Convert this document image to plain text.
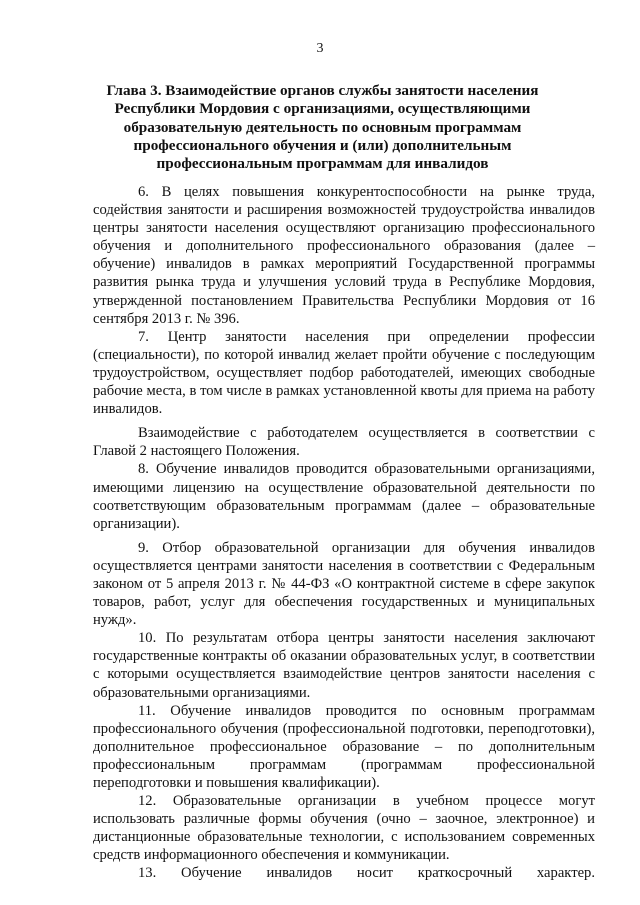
3
Глава 3. Взаимодействие органов службы занятости населения Республики Мордовия с организациями, осуществляющими образовательную деятельность по основным программам профессионального обучения и (или) дополнительным профессиональным программам для инвалидов

6. В целях повышения конкурентоспособности на рынке труда, содействия занятости и расширения возможностей трудоустройства инвалидов центры занятости населения осуществляют организацию профессионального обучения и дополнительного профессионального образования (далее – обучение) инвалидов в рамках мероприятий Государственной программы развития рынка труда и улучшения условий труда в Республике Мордовия, утвержденной постановлением Правительства Республики Мордовия от 16 сентября 2013 г. № 396.

7. Центр занятости населения при определении профессии (специальности), по которой инвалид желает пройти обучение с последующим трудоустройством, осуществляет подбор работодателей, имеющих свободные рабочие места, в том числе в рамках установленной квоты для приема на работу инвалидов.

Взаимодействие с работодателем осуществляется в соответствии с Главой 2 настоящего Положения.

8. Обучение инвалидов проводится образовательными организациями, имеющими лицензию на осуществление образовательной деятельности по соответствующим образовательным программам (далее – образовательные организации).

9. Отбор образовательной организации для обучения инвалидов осуществляется центрами занятости населения в соответствии с Федеральным законом от 5 апреля 2013 г. № 44-ФЗ «О контрактной системе в сфере закупок товаров, работ, услуг для обеспечения государственных и муниципальных нужд».

10. По результатам отбора центры занятости населения заключают государственные контракты об оказании образовательных услуг, в соответствии с которыми осуществляется взаимодействие центров занятости населения с образовательными организациями.

11. Обучение инвалидов проводится по основным программам профессионального обучения (профессиональной подготовки, переподготовки), дополнительное профессиональное образование – по дополнительным профессиональным программам (программам профессиональной переподготовки и повышения квалификации).

12. Образовательные организации в учебном процессе могут использовать различные формы обучения (очно – заочное, электронное) и дистанционные образовательные технологии, с использованием современных средств информационного обеспечения и коммуникации.

13. Обучение инвалидов носит краткосрочный характер.
